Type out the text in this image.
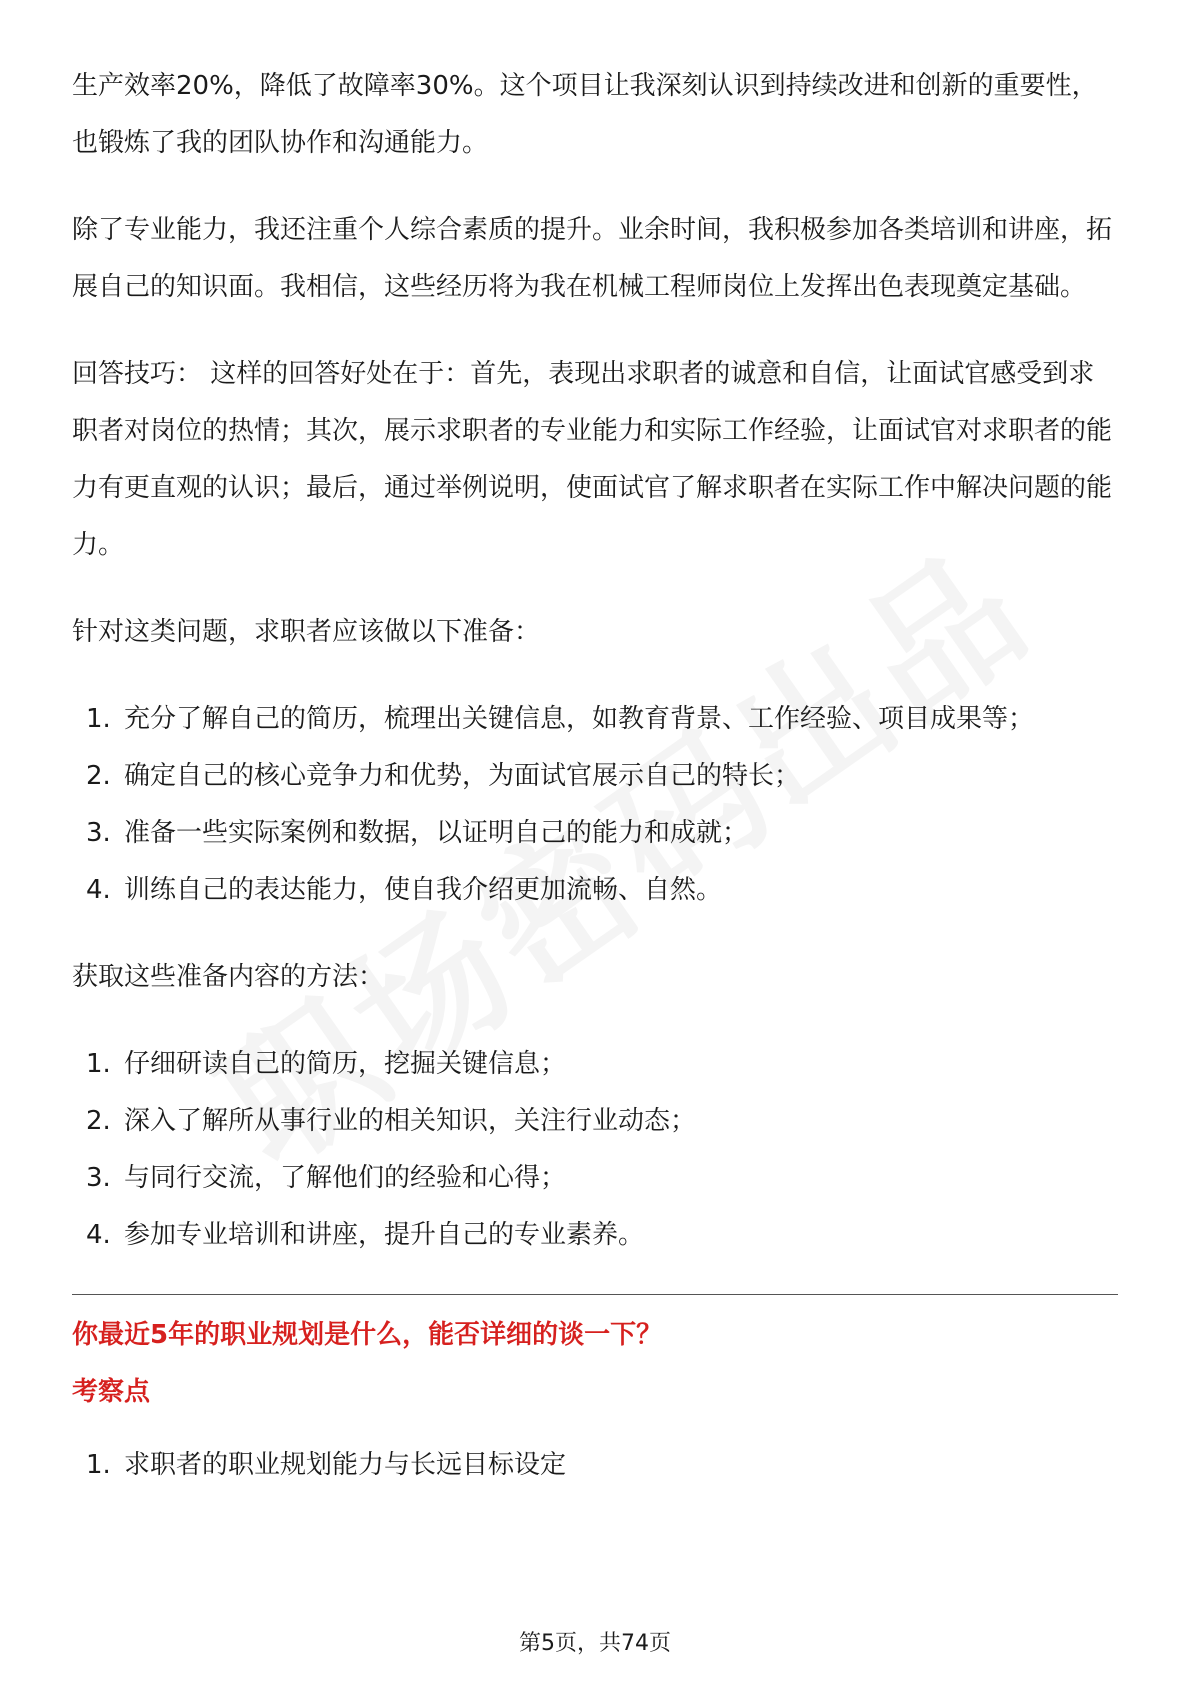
生产效率20%，降低了故障率30%。这个项目让我深刻认识到持续改进和创新的重要性，也锻炼了我的团队协作和沟通能力。

除了专业能力，我还注重个人综合素质的提升。业余时间，我积极参加各类培训和讲座，拓展自己的知识面。我相信，这些经历将为我在机械工程师岗位上发挥出色表现奠定基础。

回答技巧： 这样的回答好处在于：首先，表现出求职者的诚意和自信，让面试官感受到求职者对岗位的热情；其次，展示求职者的专业能力和实际工作经验，让面试官对求职者的能力有更直观的认识；最后，通过举例说明，使面试官了解求职者在实际工作中解决问题的能力。

针对这类问题，求职者应该做以下准备：

1. 充分了解自己的简历，梳理出关键信息，如教育背景、工作经验、项目成果等；
2. 确定自己的核心竞争力和优势，为面试官展示自己的特长；
3. 准备一些实际案例和数据，以证明自己的能力和成就；
4. 训练自己的表达能力，使自我介绍更加流畅、自然。

获取这些准备内容的方法：

1. 仔细研读自己的简历，挖掘关键信息；
2. 深入了解所从事行业的相关知识，关注行业动态；
3. 与同行交流，了解他们的经验和心得；
4. 参加专业培训和讲座，提升自己的专业素养。

你最近5年的职业规划是什么，能否详细的谈一下？

考察点

1. 求职者的职业规划能力与长远目标设定
第5页，共74页
